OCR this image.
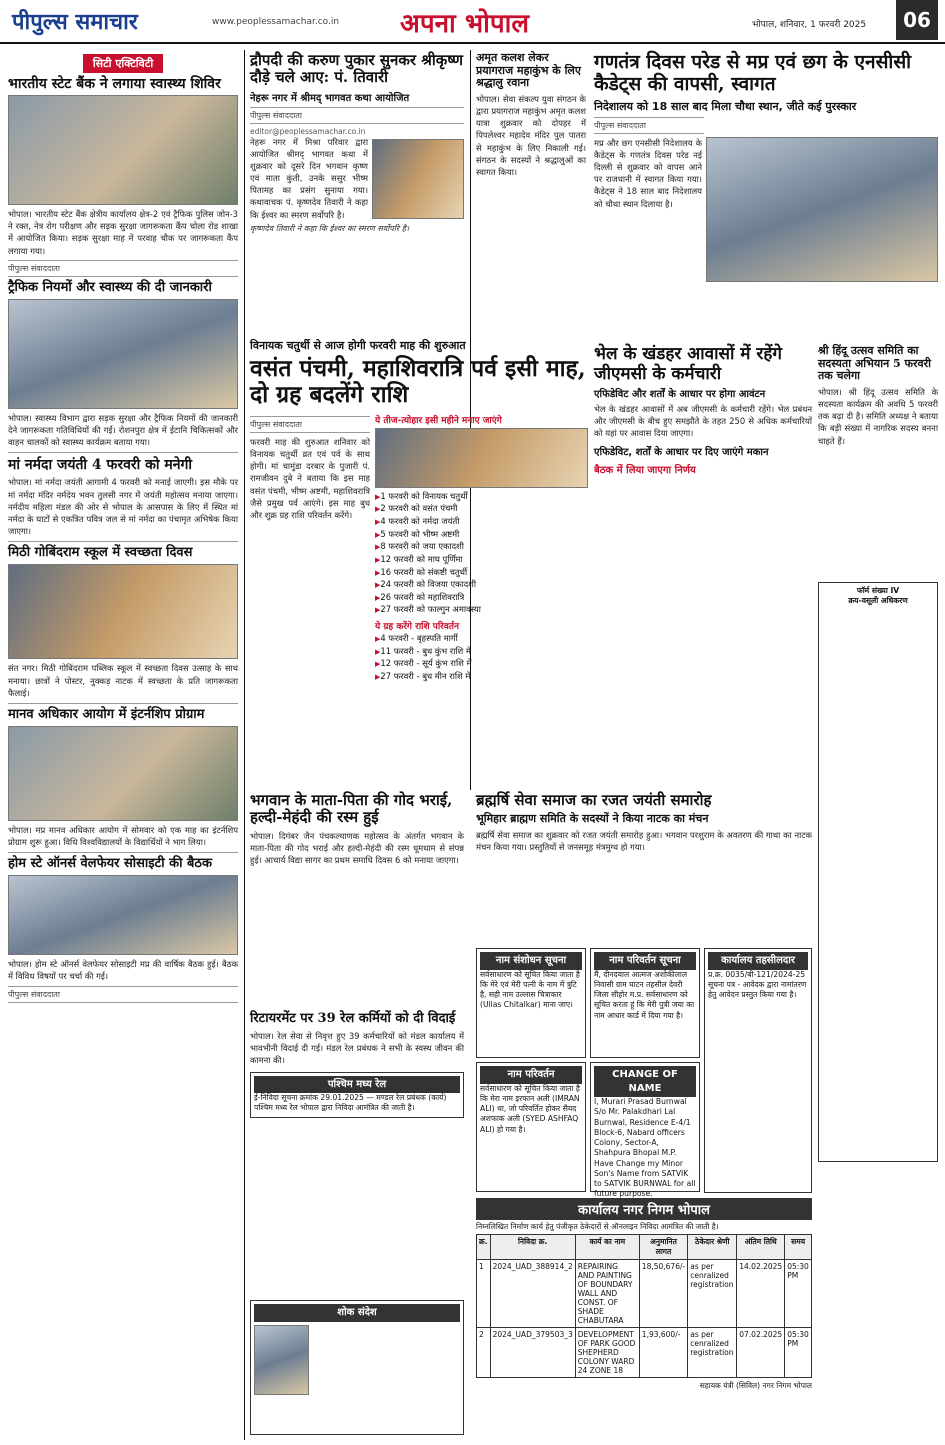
पीपुल्स समाचार	www.peoplessamachar.co.in अपना भोपाल	भोपाल, शनिवार, 1 फरवरी 2025	06
सिटी एक्टिविटी
भारतीय स्टेट बैंक ने लगाया स्वास्थ्य शिविर
भोपाल। भारतीय स्टेट बैंक क्षेत्रीय कार्यालय क्षेत्र-2 एवं ट्रैफिक पुलिस जोन-3 ने रक्त, नेत्र रोग परीक्षण और सड़क सुरक्षा जागरूकता कैंप चोला रोड शाखा में आयोजित किया। सड़क सुरक्षा माह में परवाह चौक पर जागरूकता कैंप लगाया गया।
पीपुल्स संवाददाता
ट्रैफिक नियमों और स्वास्थ्य की दी जानकारी
भोपाल। स्वास्थ्य विभाग द्वारा सड़क सुरक्षा और ट्रैफिक नियमों की जानकारी देने जागरूकता गतिविधियों की गईं। रोशनपुरा क्षेत्र में ईटानि चिकित्सकों और वाहन चालकों को स्वास्थ्य कार्यक्रम बताया गया।
मां नर्मदा जयंती 4 फरवरी को मनेगी
भोपाल। मां नर्मदा जयंती आगामी 4 फरवरी को मनाई जाएगी। इस मौके पर मां नर्मदा मंदिर नर्मदेय भवन तुलसी नगर में जयंती महोत्सव मनाया जाएगा। नर्मदीय महिला मंडल की ओर से भोपाल के आसपास के लिए में स्थित मां नर्मदा के घाटों से एकत्रित पवित्र जल से मां नर्मदा का पंचामृत अभिषेक किया जाएगा।
मिठी गोबिंदराम स्कूल में स्वच्छता दिवस
संत नगर। मिठी गोबिंदराम पब्लिक स्कूल में स्वच्छता दिवस उत्साह के साथ मनाया। छात्रों ने पोस्टर, नुक्कड़ नाटक में स्वच्छता के प्रति जागरूकता फैलाई।
मानव अधिकार आयोग में इंटर्नशिप प्रोग्राम
भोपाल। मप्र मानव अधिकार आयोग में सोमवार को एक माह का इंटर्नशिप प्रोग्राम शुरू हुआ। विधि विश्वविद्यालयों के विद्यार्थियों ने भाग लिया।
होम स्टे ऑनर्स वेलफेयर सोसाइटी की बैठक
भोपाल। होम स्टे ऑनर्स वेलफेयर सोसाइटी मप्र की वार्षिक बैठक हुई। बैठक में विविध विषयों पर चर्चा की गई।
पीपुल्स संवाददाता
द्रौपदी की करुण पुकार सुनकर श्रीकृष्ण दौड़े चले आए: पं. तिवारी
नेहरू नगर में श्रीमद् भागवत कथा आयोजित
पीपुल्स संवाददाता
editor@peoplessamachar.co.in
नेहरू नगर में मिश्रा परिवार द्वारा आयोजित श्रीमद् भागवत कथा में शुक्रवार को दूसरे दिन भगवान कृष्ण एवं माता कुंती, उनके ससुर भीष्म पितामह का प्रसंग सुनाया गया। कथावाचक पं. कृष्णदेव तिवारी ने कहा कि ईश्वर का स्मरण सर्वोपरि है।
कृष्णदेव तिवारी ने कहा कि ईश्वर का स्मरण सर्वोपरि है।
अमृत कलश लेकर प्रयागराज महाकुंभ के लिए श्रद्धालु रवाना
भोपाल। सेवा संकल्प युवा संगठन के द्वारा प्रयागराज महाकुंभ अमृत कलश यात्रा शुक्रवार को दोपहर में पिपलेश्वर महादेव मंदिर पुल पातरा से महाकुंभ के लिए निकाली गई। संगठन के सदस्यों ने श्रद्धालुओं का स्वागत किया।
गणतंत्र दिवस परेड से मप्र एवं छग के एनसीसी कैडेट्स की वापसी, स्वागत
निदेशालय को 18 साल बाद मिला चौथा स्थान, जीते कई पुरस्कार
पीपुल्स संवाददाता
मप्र और छग एनसीसी निदेशालय के कैडेट्स के गणतंत्र दिवस परेड नई दिल्ली से शुक्रवार को वापस आने पर राजधानी में स्वागत किया गया। कैडेट्स ने 18 साल बाद निदेशालय को चौथा स्थान दिलाया है।
विनायक चतुर्थी से आज होगी फरवरी माह की शुरुआत
वसंत पंचमी, महाशिवरात्रि पर्व इसी माह, दो ग्रह बदलेंगे राशि
पीपुल्स संवाददाता
फरवरी माह की शुरुआत शनिवार को विनायक चतुर्थी व्रत एवं पर्व के साथ होगी। मां चामुंडा दरबार के पुजारी पं. रामजीवन दुबे ने बताया कि इस माह वसंत पंचमी, भीष्म अष्टमी, महाशिवरात्रि जैसे प्रमुख पर्व आएंगे। इस माह बुध और शुक्र ग्रह राशि परिवर्तन करेंगे।
ये तीज-त्योहार इसी महीने मनाए जाएंगे
▶ 1 फरवरी को विनायक चतुर्थी
▶ 2 फरवरी को वसंत पंचमी
▶ 4 फरवरी को नर्मदा जयंती
▶ 5 फरवरी को भीष्म अष्टमी
▶ 8 फरवरी को जया एकादशी
▶ 12 फरवरी को माघ पूर्णिमा
▶ 16 फरवरी को संकष्टी चतुर्थी
▶ 24 फरवरी को विजया एकादशी
▶ 26 फरवरी को महाशिवरात्रि
▶ 27 फरवरी को फाल्गुन अमावस्या
ये ग्रह करेंगे राशि परिवर्तन
▶ 4 फरवरी - बृहस्पति मार्गी
▶ 11 फरवरी - बुध कुंभ राशि में
▶ 12 फरवरी - सूर्य कुंभ राशि में
▶ 27 फरवरी - बुध मीन राशि में
श्री हिंदू उत्सव समिति का सदस्यता अभियान 5 फरवरी तक चलेगा
भोपाल। श्री हिंदू उत्सव समिति के सदस्यता कार्यक्रम की अवधि 5 फरवरी तक बढ़ा दी है। समिति अध्यक्ष ने बताया कि बड़ी संख्या में नागरिक सदस्य बनना चाहते हैं।
भेल के खंडहर आवासों में रहेंगे जीएमसी के कर्मचारी
एफिडेविट और शर्तों के आधार पर होगा आवंटन
भेल के खंडहर आवासों में अब जीएमसी के कर्मचारी रहेंगे। भेल प्रबंधन और जीएमसी के बीच हुए समझौते के तहत 250 से अधिक कर्मचारियों को यहां पर आवास दिया जाएगा।
एफिडेविट, शर्तों के आधार पर दिए जाएंगे मकान
बैठक में लिया जाएगा निर्णय
फॉर्म संख्या IV
क्रय-वसूली अधिकरण
भगवान के माता-पिता की गोद भराई, हल्दी-मेहंदी की रस्म हुई
भोपाल। दिगंबर जैन पंचकल्याणक महोत्सव के अंतर्गत भगवान के माता-पिता की गोद भराई और हल्दी-मेहंदी की रस्म धूमधाम से संपन्न हुई। आचार्य विद्या सागर का प्रथम समाधि दिवस 6 को मनाया जाएगा।
रिटायरमेंट पर 39 रेल कर्मियों को दी विदाई
भोपाल। रेल सेवा से निवृत्त हुए 39 कर्मचारियों को मंडल कार्यालय में भावभीनी विदाई दी गई। मंडल रेल प्रबंधक ने सभी के स्वस्थ जीवन की कामना की।
पश्चिम मध्य रेल
ई-निविदा सूचना क्रमांक 29.01.2025 — मण्डल रेल प्रबंधक (कार्य) पश्चिम मध्य रेल भोपाल द्वारा निविदा आमंत्रित की जाती है।
शोक संदेश
ब्रह्मर्षि सेवा समाज का रजत जयंती समारोह
भूमिहार ब्राह्मण समिति के सदस्यों ने किया नाटक का मंचन
ब्रह्मर्षि सेवा समाज का शुक्रवार को रजत जयंती समारोह हुआ। भगवान परशुराम के अवतरण की गाथा का नाटक मंचन किया गया। प्रस्तुतियों से जनसमूह मंत्रमुग्ध हो गया।
नाम संशोधन सूचना
सर्वसाधारण को सूचित किया जाता है कि मेरे एवं मेरी पत्नी के नाम में त्रुटि है, सही नाम उल्लास चित्राकार (Ullas Chitalkar) माना जाए।
नाम परिवर्तन सूचना
मैं, दीनदयाल आत्मज अशोकीलाल निवासी ग्राम घाटन तहसील देवरी जिला सीहोर म.प्र. सर्वसाधारण को सूचित करता हूं कि मेरी पुत्री जया का नाम आधार कार्ड में दिया गया है।
कार्यालय तहसीलदार
प्र.क्र. 0035/बी-121/2024-25 सूचना पत्र - आवेदक द्वारा नामांतरण हेतु आवेदन प्रस्तुत किया गया है।
नाम परिवर्तन
सर्वसाधारण को सूचित किया जाता है कि मेरा नाम इरफान अली (IMRAN ALI) था, जो परिवर्तित होकर सैयद अशफाक अली (SYED ASHFAQ ALI) हो गया है।
CHANGE OF NAME
I, Murari Prasad Burnwal S/o Mr. Palakdhari Lal Burnwal, Residence E-4/1 Block-6, Nabard officers Colony, Sector-A, Shahpura Bhopal M.P. Have Change my Minor Son's Name from SATVIK to SATVIK BURNWAL for all future purpose.
कार्यालय नगर निगम भोपाल
निम्नलिखित निर्माण कार्य हेतु पंजीकृत ठेकेदारों से ऑनलाइन निविदा आमंत्रित की जाती है।
क्र.	निविदा क्र.	कार्य का नाम	अनुमानित लागत	ठेकेदार श्रेणी	अंतिम तिथि	समय
1	2024_UAD_388914_2	REPAIRING AND PAINTING OF BOUNDARY WALL AND CONST. OF SHADE CHABUTARA	18,50,676/-	as per cenralized registration	14.02.2025	05:30 PM
2	2024_UAD_379503_3	DEVELOPMENT OF PARK GOOD SHEPHERD COLONY WARD 24 ZONE 18	1,93,600/-	as per cenralized registration	07.02.2025	05:30 PM
सहायक यंत्री (सिविल) नगर निगम भोपाल
